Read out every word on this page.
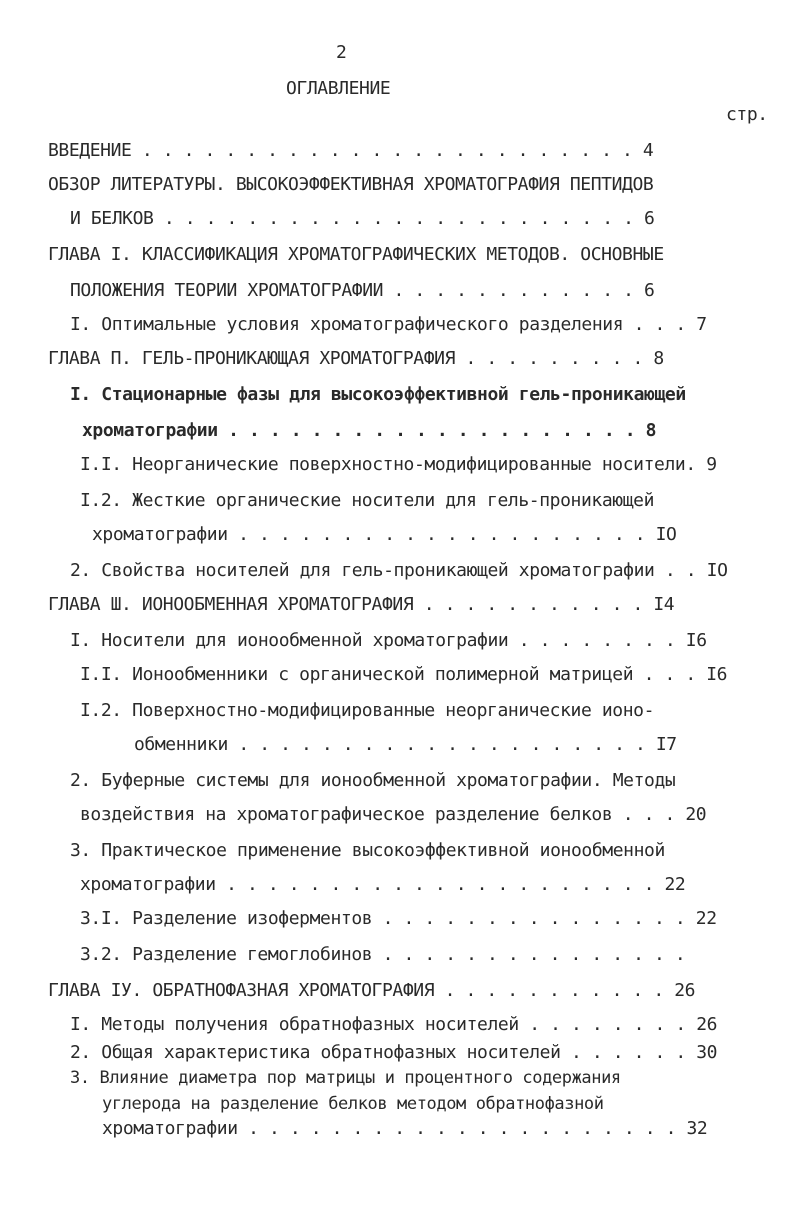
2
ОГЛАВЛЕНИЕ
стр.
ВВЕДЕНИЕ . . . . . . . . . . . . . . . . . . . . . . . . 4
ОБЗОР ЛИТЕРАТУРЫ. ВЫСОКОЭФФЕКТИВНАЯ ХРОМАТОГРАФИЯ ПЕПТИДОВ
И БЕЛКОВ . . . . . . . . . . . . . . . . . . . . . . . 6
ГЛАВА I. КЛАССИФИКАЦИЯ ХРОМАТОГРАФИЧЕСКИХ МЕТОДОВ. ОСНОВНЫЕ
ПОЛОЖЕНИЯ ТЕОРИИ ХРОМАТОГРАФИИ . . . . . . . . . . . . 6
I. Оптимальные условия хроматографического разделения . . . 7
ГЛАВА П. ГЕЛЬ-ПРОНИКАЮЩАЯ ХРОМАТОГРАФИЯ . . . . . . . . . 8
I. Стационарные фазы для высокоэффективной гель-проникающей
хроматографии . . . . . . . . . . . . . . . . . . . . 8
I.I. Неорганические поверхностно-модифицированные носители. 9
I.2. Жесткие органические носители для гель-проникающей
хроматографии . . . . . . . . . . . . . . . . . . . . IO
2. Свойства носителей для гель-проникающей хроматографии . . IO
ГЛАВА Ш. ИОНООБМЕННАЯ ХРОМАТОГРАФИЯ . . . . . . . . . . . I4
I. Носители для ионообменной хроматографии . . . . . . . . I6
I.I. Ионообменники с органической полимерной матрицей . . . I6
I.2. Поверхностно-модифицированные неорганические ионо-
обменники . . . . . . . . . . . . . . . . . . . . I7
2. Буферные системы для ионообменной хроматографии. Методы
воздействия на хроматографическое разделение белков . . . 20
3. Практическое применение высокоэффективной ионообменной
хроматографии . . . . . . . . . . . . . . . . . . . . . 22
3.I. Разделение изоферментов . . . . . . . . . . . . . . . 22
3.2. Разделение гемоглобинов . . . . . . . . . . . . . . .
ГЛАВА IУ. ОБРАТНОФАЗНАЯ ХРОМАТОГРАФИЯ . . . . . . . . . . . 26
I. Методы получения обратнофазных носителей . . . . . . . . 26
2. Общая характеристика обратнофазных носителей . . . . . . 30
3. Влияние диаметра пор матрицы и процентного содержания
углерода на разделение белков методом обратнофазной
хроматографии . . . . . . . . . . . . . . . . . . . . . 32
